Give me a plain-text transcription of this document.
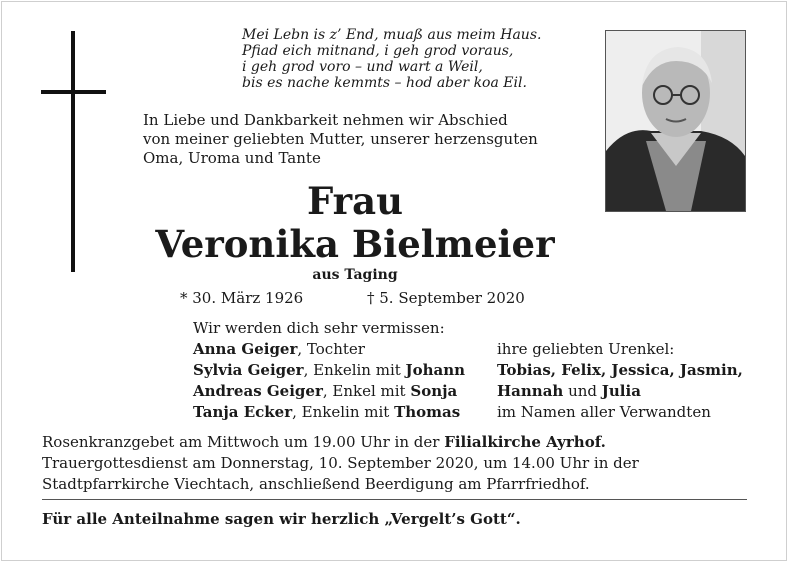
Mei Lebn is z’ End, muaß aus meim Haus.
Pfiad eich mitnand, i geh grod voraus,
i geh grod voro – und wart a Weil,
bis es nache kemmts – hod aber koa Eil.
In Liebe und Dankbarkeit nehmen wir Abschied
von meiner geliebten Mutter, unserer herzensguten
Oma, Uroma und Tante
Frau
Veronika Bielmeier
aus Taging
* 30. März 1926	† 5. September 2020
Wir werden dich sehr vermissen:
Anna Geiger, Tochter
Sylvia Geiger, Enkelin mit Johann
Andreas Geiger, Enkel mit Sonja
Tanja Ecker, Enkelin mit Thomas
ihre geliebten Urenkel:
Tobias, Felix, Jessica, Jasmin,
Hannah und Julia
im Namen aller Verwandten
Rosenkranzgebet am Mittwoch um 19.00 Uhr in der Filialkirche Ayrhof.
Trauergottesdienst am Donnerstag, 10. September 2020, um 14.00 Uhr in der
Stadtpfarrkirche Viechtach, anschließend Beerdigung am Pfarrfriedhof.
Für alle Anteilnahme sagen wir herzlich „Vergelt’s Gott“.
